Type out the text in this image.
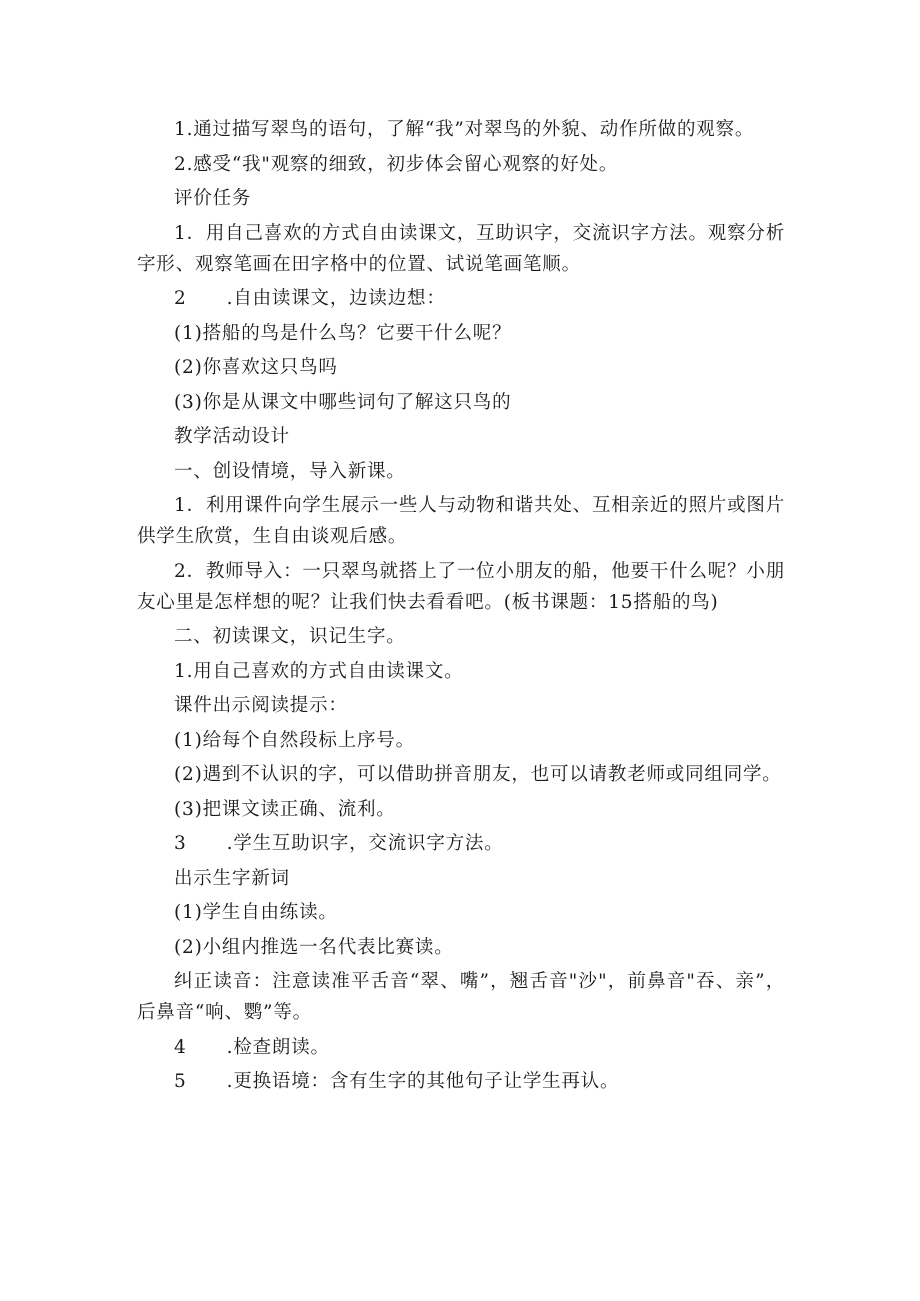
1.通过描写翠鸟的语句，了解“我”对翠鸟的外貌、动作所做的观察。

2.感受“我"观察的细致，初步体会留心观察的好处。

评价任务

1．用自己喜欢的方式自由读课文，互助识字，交流识字方法。观察分析字形、观察笔画在田字格中的位置、试说笔画笔顺。

2      .自由读课文，边读边想：

(1)搭船的鸟是什么鸟？它要干什么呢？

(2)你喜欢这只鸟吗

(3)你是从课文中哪些词句了解这只鸟的

教学活动设计

一、创设情境，导入新课。

1．利用课件向学生展示一些人与动物和谐共处、互相亲近的照片或图片供学生欣赏，生自由谈观后感。

2．教师导入：一只翠鸟就搭上了一位小朋友的船，他要干什么呢？小朋友心里是怎样想的呢？让我们快去看看吧。(板书课题：15搭船的鸟)

二、初读课文，识记生字。

1.用自己喜欢的方式自由读课文。

课件出示阅读提示：

(1)给每个自然段标上序号。

(2)遇到不认识的字，可以借助拼音朋友，也可以请教老师或同组同学。

(3)把课文读正确、流利。

3      .学生互助识字，交流识字方法。

出示生字新词

(1)学生自由练读。

(2)小组内推选一名代表比赛读。

纠正读音：注意读准平舌音“翠、嘴”，翘舌音"沙"，前鼻音"吞、亲”，后鼻音“响、鹦”等。

4      .检查朗读。

5      .更换语境：含有生字的其他句子让学生再认。
